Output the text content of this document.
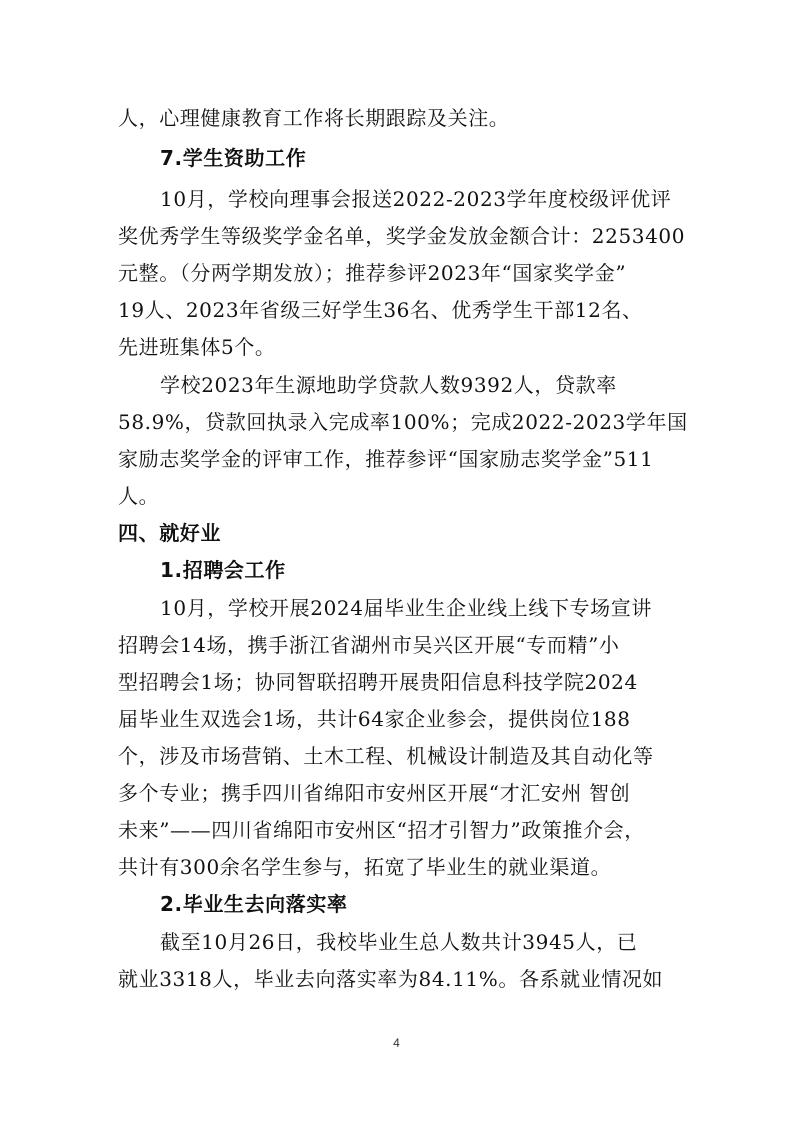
人，心理健康教育工作将长期跟踪及关注。
7.学生资助工作
10月，学校向理事会报送2022-2023学年度校级评优评
奖优秀学生等级奖学金名单，奖学金发放金额合计：2253400
元整。（分两学期发放）；推荐参评2023年“国家奖学金”
19人、2023年省级三好学生36名、优秀学生干部12名、
先进班集体5个。
学校2023年生源地助学贷款人数9392人，贷款率
58.9%，贷款回执录入完成率100%；完成2022-2023学年国
家励志奖学金的评审工作，推荐参评“国家励志奖学金”511
人。
四、就好业
1.招聘会工作
10月，学校开展2024届毕业生企业线上线下专场宣讲
招聘会14场，携手浙江省湖州市吴兴区开展“专而精”小
型招聘会1场；协同智联招聘开展贵阳信息科技学院2024
届毕业生双选会1场，共计64家企业参会，提供岗位188
个，涉及市场营销、土木工程、机械设计制造及其自动化等
多个专业；携手四川省绵阳市安州区开展“才汇安州 智创
未来”——四川省绵阳市安州区“招才引智力”政策推介会，
共计有300余名学生参与，拓宽了毕业生的就业渠道。
2.毕业生去向落实率
截至10月26日，我校毕业生总人数共计3945人，已
就业3318人，毕业去向落实率为84.11%。各系就业情况如
4
